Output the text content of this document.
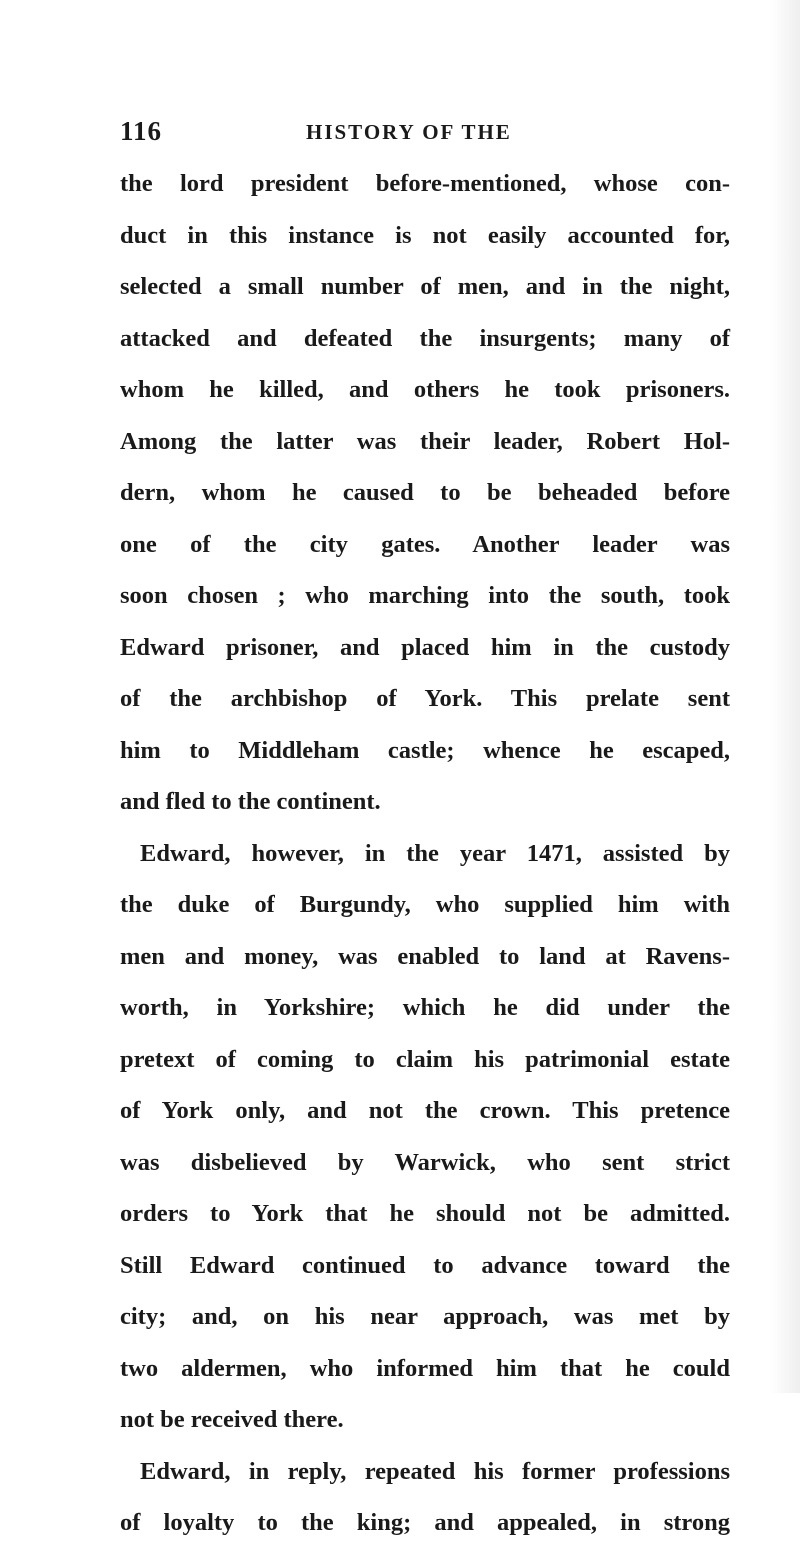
116	HISTORY OF THE
the lord president before-mentioned, whose con-
duct in this instance is not easily accounted for,
selected a small number of men, and in the night,
attacked and defeated the insurgents; many of
whom he killed, and others he took prisoners.
Among the latter was their leader, Robert Hol-
dern, whom he caused to be beheaded before
one of the city gates. Another leader was
soon chosen ; who marching into the south, took
Edward prisoner, and placed him in the custody
of the archbishop of York. This prelate sent
him to Middleham castle; whence he escaped,
and fled to the continent.
Edward, however, in the year 1471, assisted by
the duke of Burgundy, who supplied him with
men and money, was enabled to land at Ravens-
worth, in Yorkshire; which he did under the
pretext of coming to claim his patrimonial estate
of York only, and not the crown. This pretence
was disbelieved by Warwick, who sent strict
orders to York that he should not be admitted.
Still Edward continued to advance toward the
city; and, on his near approach, was met by
two aldermen, who informed him that he could
not be received there.
Edward, in reply, repeated his former professions
of loyalty to the king; and appealed, in strong
